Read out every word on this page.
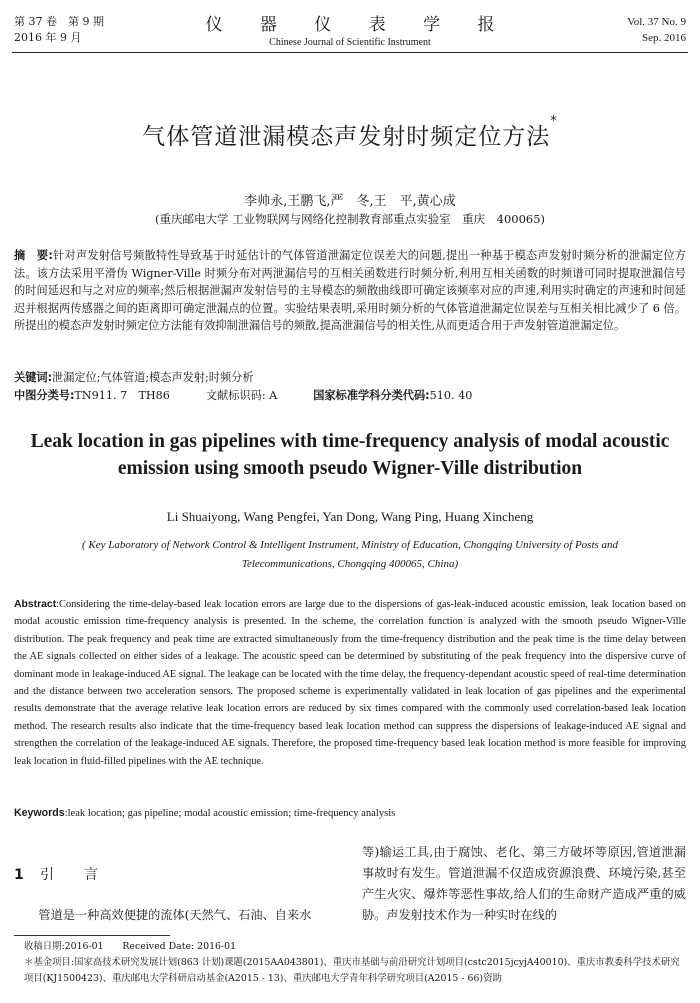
第 37 卷　第 9 期
2016 年 9 月
仪 器 仪 表 学 报
Chinese Journal of Scientific Instrument
Vol. 37 No. 9
Sep. 2016
气体管道泄漏模态声发射时频定位方法*
李帅永,王鹏飞,严　冬,王　平,黄心成
(重庆邮电大学 工业物联网与网络化控制教育部重点实验室　重庆　400065)
摘　要:针对声发射信号频散特性导致基于时延估计的气体管道泄漏定位误差大的问题,提出一种基于模态声发射时频分析的泄漏定位方法。该方法采用平滑伪 Wigner-Ville 时频分布对两泄漏信号的互相关函数进行时频分析,利用互相关函数的时频谱可同时提取泄漏信号的时间延迟和与之对应的频率;然后根据泄漏声发射信号的主导模态的频散曲线即可确定该频率对应的声速,利用实时确定的声速和时间延迟并根据两传感器之间的距离即可确定泄漏点的位置。实验结果表明,采用时频分析的气体管道泄漏定位误差与互相关相比减少了 6 倍。所提出的模态声发射时频定位方法能有效抑制泄漏信号的频散,提高泄漏信号的相关性,从而更适合用于声发射管道泄漏定位。
关键词:泄漏定位;气体管道;模态声发射;时频分析
中图分类号:TN911. 7　TH86	文献标识码: A	国家标准学科分类代码:510. 40
Leak location in gas pipelines with time-frequency analysis of modal acoustic
emission using smooth pseudo Wigner-Ville distribution
Li Shuaiyong, Wang Pengfei, Yan Dong, Wang Ping, Huang Xincheng
( Key Laboratory of Network Control & Intelligent Instrument, Ministry of Education, Chongqing University of Posts and
Telecommunications, Chongqing 400065, China)
Abstract:Considering the time-delay-based leak location errors are large due to the dispersions of gas-leak-induced acoustic emission, leak location based on modal acoustic emission time-frequency analysis is presented. In the scheme, the correlation function is analyzed with the smooth pseudo Wigner-Ville distribution. The peak frequency and peak time are extracted simultaneously from the time-frequency distribution and the peak time is the time delay between the AE signals collected on either sides of a leakage. The acoustic speed can be determined by substituting of the peak frequency into the dispersive curve of dominant mode in leakage-induced AE signal. The leakage can be located with the time delay, the frequency-dependant acoustic speed of real-time determination and the distance between two acceleration sensors. The proposed scheme is experimentally validated in leak location of gas pipelines and the experimental results demonstrate that the average relative leak location errors are reduced by six times compared with the commonly used correlation-based leak location method. The research results also indicate that the time-frequency based leak location method can suppress the dispersions of leakage-induced AE signal and strengthen the correlation of the leakage-induced AE signals. Therefore, the proposed time-frequency based leak location method is more feasible for improving leak location in fluid-filled pipelines with the AE technique.
Keywords:leak location; gas pipeline; modal acoustic emission; time-frequency analysis
1 引言
管道是一种高效便捷的流体(天然气、石油、自来水
等)输运工具,由于腐蚀、老化、第三方破坏等原因,管道泄漏事故时有发生。管道泄漏不仅造成资源浪费、环境污染,甚至产生火灾、爆炸等恶性事故,给人们的生命财产造成严重的威胁。声发射技术作为一种实时在线的
收稿日期:2016-01　　Received Date: 2016-01
＊基金项目:国家高技术研究发展计划(863 计划)课题(2015AA043801)、重庆市基础与前沿研究计划项目(cstc2015jcyjA40010)、重庆市教委科学技术研究项目(KJ1500423)、重庆邮电大学科研启动基金(A2015 - 13)、重庆邮电大学青年科学研究项目(A2015 - 66)资助
